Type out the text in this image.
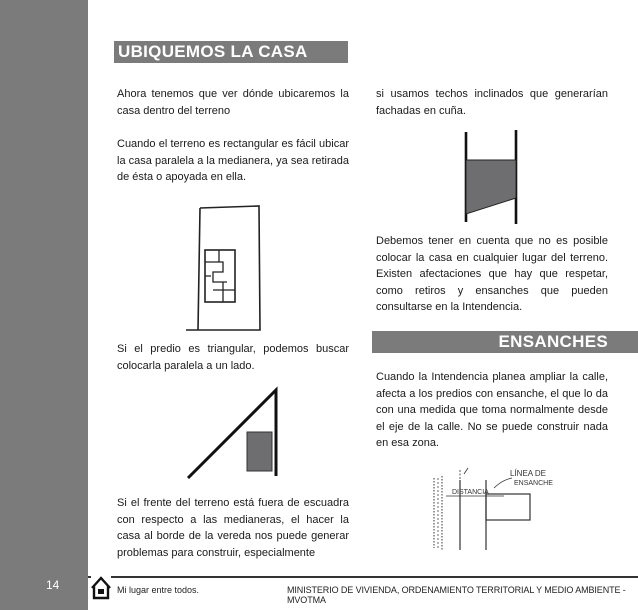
UBIQUEMOS LA CASA
Ahora tenemos que ver dónde ubicaremos la casa dentro del terreno
Cuando el terreno es rectangular es fácil ubicar la casa paralela a la medianera, ya sea retirada de ésta o apoyada en ella.
Si el predio es triangular, podemos buscar colocarla paralela a un lado.
Si el frente del terreno está fuera de escuadra con respecto a las medianeras, el hacer la casa al borde de la vereda nos puede generar problemas para construir, especialmente
si usamos techos inclinados que generarían fachadas en cuña.
Debemos tener en cuenta que no es posible colocar la casa en cualquier lugar del terreno. Existen afectaciones que hay que respetar, como retiros y ensanches que pueden consultarse en la Intendencia.
ENSANCHES
Cuando la Intendencia planea ampliar la calle, afecta a los predios con ensanche, el que lo da con una medida que toma normalmente desde el eje de la calle. No se puede construir nada en esa zona.
DISTANCIA
LÍNEA DE
ENSANCHE
14	Mi lugar entre todos.	MINISTERIO DE VIVIENDA, ORDENAMIENTO TERRITORIAL Y MEDIO AMBIENTE - MVOTMA
